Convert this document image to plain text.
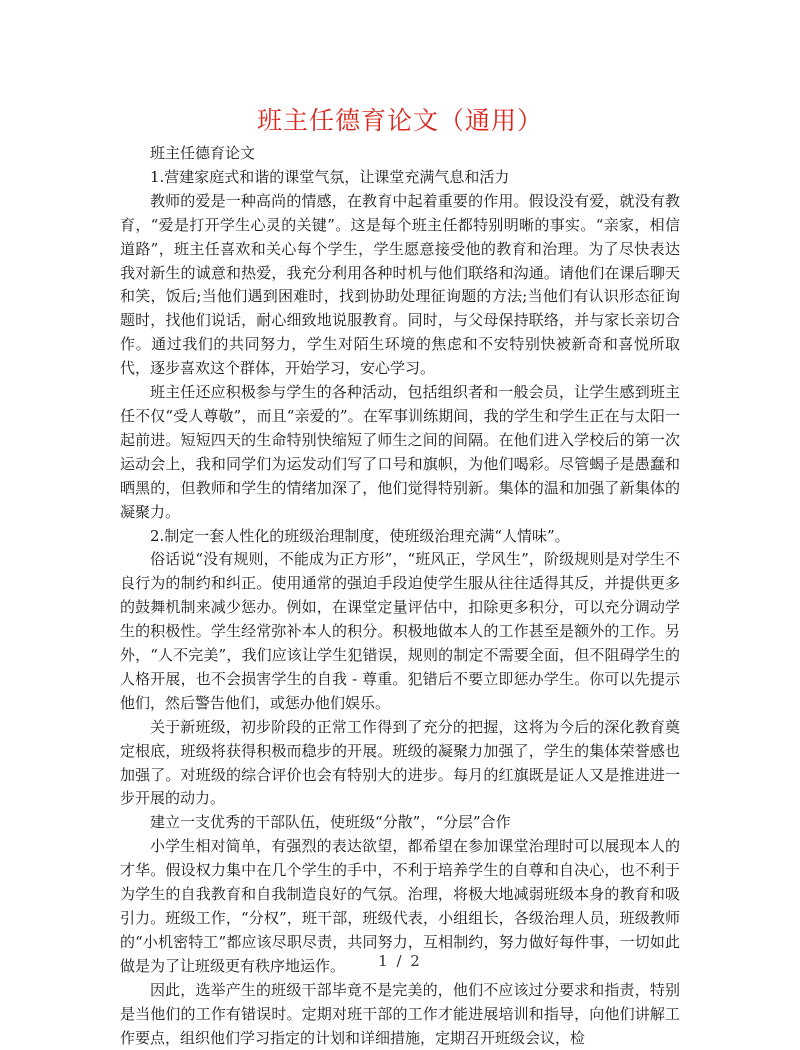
班主任德育论文（通用）

班主任德育论文

1.营建家庭式和谐的课堂气氛，让课堂充满气息和活力

教师的爱是一种高尚的情感，在教育中起着重要的作用。假设没有爱，就没有教育，“爱是打开学生心灵的关键”。这是每个班主任都特别明晰的事实。“亲家，相信道路”，班主任喜欢和关心每个学生，学生愿意接受他的教育和治理。为了尽快表达我对新生的诚意和热爱，我充分利用各种时机与他们联络和沟通。请他们在课后聊天和笑，饭后;当他们遇到困难时，找到协助处理征询题的方法;当他们有认识形态征询题时，找他们说话，耐心细致地说服教育。同时，与父母保持联络，并与家长亲切合作。通过我们的共同努力，学生对陌生环境的焦虑和不安特别快被新奇和喜悦所取代，逐步喜欢这个群体，开始学习，安心学习。

班主任还应积极参与学生的各种活动，包括组织者和一般会员，让学生感到班主任不仅“受人尊敬”，而且“亲爱的”。在军事训练期间，我的学生和学生正在与太阳一起前进。短短四天的生命特别快缩短了师生之间的间隔。在他们进入学校后的第一次运动会上，我和同学们为运发动们写了口号和旗帜，为他们喝彩。尽管蝎子是愚蠢和晒黑的，但教师和学生的情绪加深了，他们觉得特别新。集体的温和加强了新集体的凝聚力。

2.制定一套人性化的班级治理制度，使班级治理充满“人情味”。

俗话说“没有规则，不能成为正方形”，“班风正，学风生”，阶级规则是对学生不良行为的制约和纠正。使用通常的强迫手段迫使学生服从往往适得其反，并提供更多的鼓舞机制来减少惩办。例如，在课堂定量评估中，扣除更多积分，可以充分调动学生的积极性。学生经常弥补本人的积分。积极地做本人的工作甚至是额外的工作。另外，“人不完美”，我们应该让学生犯错误，规则的制定不需要全面，但不阻碍学生的人格开展，也不会损害学生的自我 - 尊重。犯错后不要立即惩办学生。你可以先提示他们，然后警告他们，或惩办他们娱乐。

关于新班级，初步阶段的正常工作得到了充分的把握，这将为今后的深化教育奠定根底，班级将获得积极而稳步的开展。班级的凝聚力加强了，学生的集体荣誉感也加强了。对班级的综合评价也会有特别大的进步。每月的红旗既是证人又是推进进一步开展的动力。

建立一支优秀的干部队伍，使班级“分散”，“分层”合作

小学生相对简单，有强烈的表达欲望，都希望在参加课堂治理时可以展现本人的才华。假设权力集中在几个学生的手中，不利于培养学生的自尊和自决心，也不利于为学生的自我教育和自我制造良好的气氛。治理，将极大地减弱班级本身的教育和吸引力。班级工作，“分权”，班干部，班级代表，小组组长，各级治理人员，班级教师的“小机密特工”都应该尽职尽责，共同努力，互相制约，努力做好每件事，一切如此做是为了让班级更有秩序地运作。

因此，选举产生的班级干部毕竟不是完美的，他们不应该过分要求和指责，特别是当他们的工作有错误时。定期对班干部的工作才能进展培训和指导，向他们讲解工作要点，组织他们学习指定的计划和详细措施，定期召开班级会议，检

1 / 2
